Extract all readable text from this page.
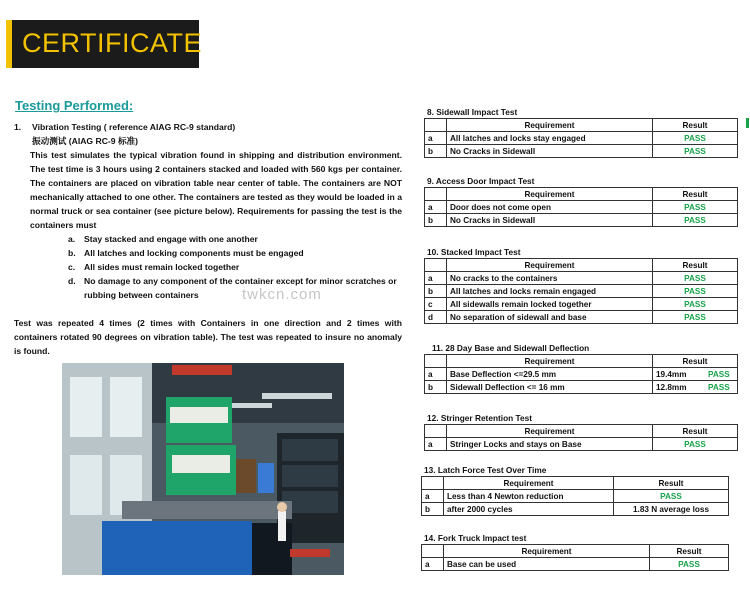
CERTIFICATE
Testing Performed:
1.	Vibration Testing ( reference AIAG RC-9 standard)
振动测试 (AIAG RC-9 标准)
This test simulates the typical vibration found in shipping and distribution environment. The test time is 3 hours using 2 containers stacked and loaded with 560 kgs per container. The containers are placed on vibration table near center of table. The containers are NOT mechanically attached to one other. The containers are tested as they would be loaded in a normal truck or sea container (see picture below). Requirements for passing the test is the containers must
a.	Stay stacked and engage with one another
b. All latches and locking components must be engaged
c.	All sides must remain locked together
d. No damage to any component of the container except for minor scratches or rubbing between containers
Test was repeated 4 times (2 times with Containers in one direction and 2 times with containers rotated 90 degrees on vibration table). The test was repeated to insure no anomaly is found.
twkcn.com
8. Sidewall Impact Test
	Requirement	Result
a	All latches and locks stay engaged	PASS
b	No Cracks in Sidewall	PASS
9. Access Door Impact Test
	Requirement	Result
a	Door does not come open	PASS
b	No Cracks in Sidewall	PASS
10. Stacked Impact Test
	Requirement	Result
a	No cracks to the containers	PASS
b	All latches and locks remain engaged	PASS
c	All sidewalls remain locked together	PASS
d	No separation of sidewall and base	PASS
11. 28 Day Base and Sidewall Deflection
	Requirement	Result	
a	Base Deflection <=29.5 mm	19.4mm	PASS
b	Sidewall Deflection <= 16 mm	12.8mm	PASS
12. Stringer Retention Test
	Requirement	Result
a	Stringer Locks and stays on Base	PASS
13. Latch Force Test Over Time
	Requirement	Result
a	Less than 4 Newton reduction	PASS
b	after 2000 cycles	1.83 N average loss
14. Fork Truck Impact test
	Requirement	Result
a	Base can be used	PASS
